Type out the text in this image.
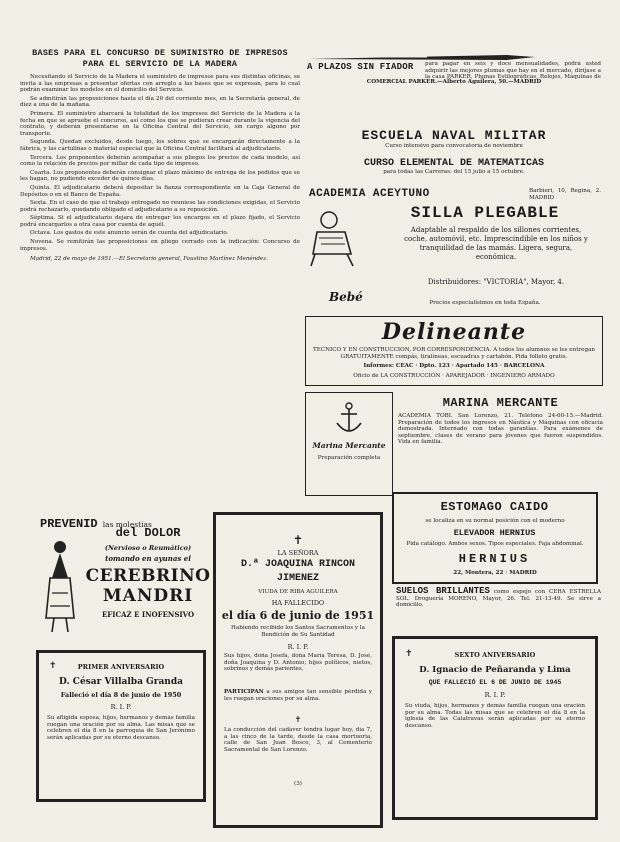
BASES PARA EL CONCURSO DE SUMINISTRO DE IMPRESOS PARA EL SERVICIO DE LA MADERA

Necesitando el Servicio de la Madera el suministro de impresos para sus distintas oficinas, se invita a las empresas a presentar ofertas con arreglo a las bases que se expresan, para lo cual podrán examinar los modelos en el domicilio del Servicio.

Se admitirán las proposiciones hasta el día 20 del corriente mes, en la Secretaría general, de diez a una de la mañana.

Primera. El suministro abarcará la totalidad de los impresos del Servicio de la Madera a la fecha en que se apruebe el concurso, así como los que se pudieran crear durante la vigencia del contrato, y deberán presentarse en la Oficina Central del Servicio, sin cargo alguno por transporte.

Segunda. Quedan excluidos, desde luego, los sobres que se encargarán directamente a la fábrica, y las cartulinas o material especial que la Oficina Central facilitará al adjudicatario.

Tercera. Los proponentes deberán acompañar a sus pliegos los precios de cada modelo, así como la relación de precios por millar de cada tipo de impreso.

Cuarta. Los proponentes deberán consignar el plazo máximo de entrega de los pedidos que se les hagan, no pudiendo exceder de quince días.

Quinta. El adjudicatario deberá depositar la fianza correspondiente en la Caja General de Depósitos o en el Banco de España.

Sexta. En el caso de que el trabajo entregado no reuniese las condiciones exigidas, el Servicio podrá rechazarlo, quedando obligado el adjudicatario a su reposición.

Séptima. Si el adjudicatario dejara de entregar los encargos en el plazo fijado, el Servicio podrá encargarlos a otra casa por cuenta de aquél.

Octava. Los gastos de este anuncio serán de cuenta del adjudicatario.

Novena. Se remitirán las proposiciones en pliego cerrado con la indicación: Concurso de impresos.

Madrid, 22 de mayo de 1951.—El Secretario general, Faustino Martínez Menéndez.

A PLAZOS SIN FIADOR	para pagar en seis y doce mensualidades, podrá usted adquirir las mejores plumas que hay en el mercado, diríjase a la casa PARKER, Plumas Estilográficas, Relojes, Máquinas de
COMERCIAL PARKER.—Alberto Aguilera, 50.—MADRID
ESCUELA NAVAL MILITAR
Curso intensivo para convocatoria de noviembre
CURSO ELEMENTAL DE MATEMATICAS
para todas las Carreras: del 15 julio a 15 octubre.
ACADEMIA ACEYTUNO	Barbieri, 10, Regina, 2. MADRID
Bebé
SILLA PLEGABLE
Adaptable al respaldo de los sillones corrientes, coche, automóvil, etc. Imprescindible en los niños y tranquilidad de las mamás. Ligera, segura, económica.
Distribuidores: "VICTORIA", Mayor, 4.
Precios especialísimos en toda España.
Delineante
TÉCNICO Y EN CONSTRUCCIÓN, POR CORRESPONDENCIA. A todos los alumnos se les entregan GRATUITAMENTE compás, tiralíneas, escuadras y cartabón. Pida folleto gratis.
Informes: CEAC · Dpto. 123 · Apartado 145 · BARCELONA
Oficio de LA CONSTRUCCIÓN · APAREJADOR · INGENIERO ARMADO
Marina Mercante
Preparación completa
MARINA MERCANTE
ACADEMIA TOBÍ. San Lorenzo, 21. Teléfono 24-60-15.—Madrid. Preparación de todos los ingresos en Náutica y Máquinas con eficacia demostrada. Internado con todas garantías. Para exámenes de septiembre, clases de verano para jóvenes que fueron suspendidos. Vida en familia.
PREVENID las molestias
del DOLOR
(Nervioso o Reumático)
tomando en ayunas el
CEREBRINO
MANDRI
EFICAZ E INOFENSIVO
✝
LA SEÑORA
D.ª JOAQUINA RINCON
JIMENEZ
VIUDA DE RIBA AGUILERA
HA FALLECIDO
el día 6 de junio de 1951
Habiendo recibido los Santos Sacramentos y la Bendición de Su Santidad
R. I. P.
Sus hijos, doña Josefa, doña María Teresa, D. José, doña Joaquina y D. Antonio; hijos políticos, nietos, sobrinos y demás parientes,
PARTICIPAN a sus amigos tan sensible pérdida y les ruegan oraciones por su alma.
✝
La conducción del cadáver tendrá lugar hoy, día 7, a las cinco de la tarde, desde la casa mortuoria, calle de San Juan Bosco, 3, al Cementerio Sacramental de San Lorenzo.
(3)
ESTOMAGO CAIDO
se localiza en su normal posición con el moderno
ELEVADOR HERNIUS
Pida catálogo. Ambos sexos. Tipos especiales. Faja abdominal.
HERNIUS
22, Montera, 22 · MADRID
SUELOS BRILLANTES como espejo con CERA ESTRELLA SOL. Droguería MORENO, Mayor, 26. Tel. 21-13-49. Se sirve a domicilio.
✝	PRIMER ANIVERSARIO
D. César Villalba Granda
Falleció el día 8 de junio de 1950
R. I. P.
Su afligida esposa, hijos, hermanos y demás familia ruegan una oración por su alma. Las misas que se celebren el día 8 en la parroquia de San Jerónimo serán aplicadas por su eterno descanso.
✝	SEXTO ANIVERSARIO
D. Ignacio de Peñaranda y Lima
QUE FALLECIÓ EL 6 DE JUNIO DE 1945
R. I. P.
Su viuda, hijos, hermanos y demás familia ruegan una oración por su alma. Todas las misas que se celebren el día 8 en la iglesia de las Calatravas serán aplicadas por su eterno descanso.
